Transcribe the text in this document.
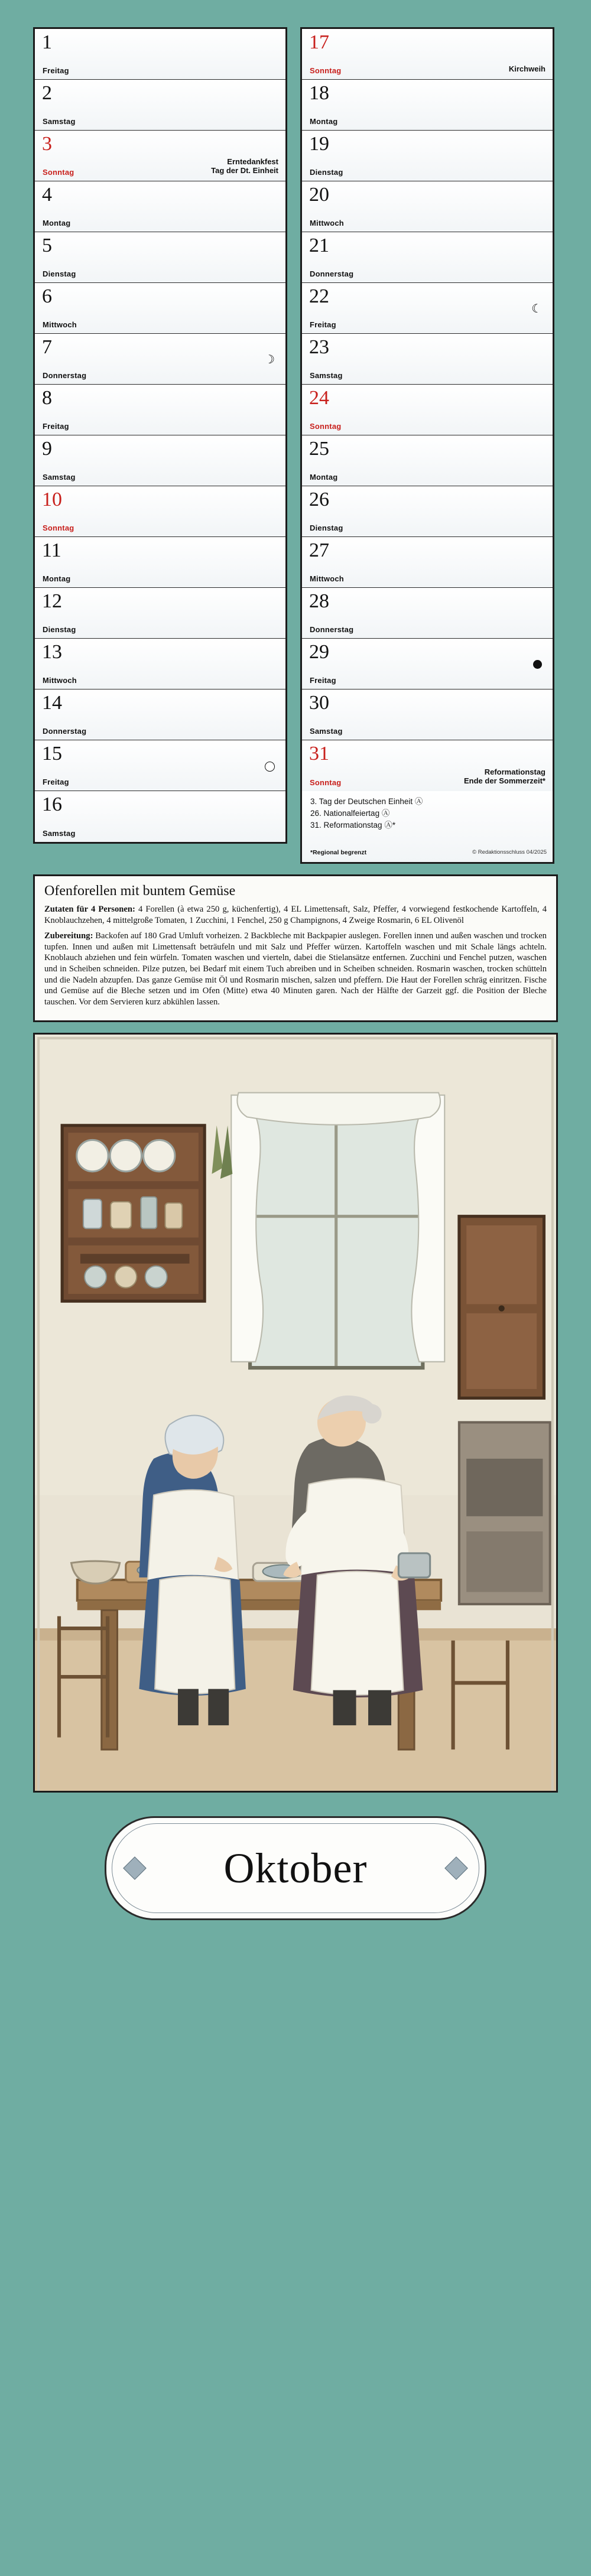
1
Freitag
2
Samstag
3
Sonntag
Erntedankfest
Tag der Dt. Einheit
4
Montag
5
Dienstag
6
Mittwoch
7
Donnerstag
☽
8
Freitag
9
Samstag
10
Sonntag
11
Montag
12
Dienstag
13
Mittwoch
14
Donnerstag
15
Freitag
16
Samstag
17
Sonntag	Kirchweih
18
Montag
19
Dienstag
20
Mittwoch
21
Donnerstag
22
Freitag
☾
23
Samstag
24
Sonntag
25
Montag
26
Dienstag
27
Mittwoch
28
Donnerstag
29
Freitag
30
Samstag
31
Sonntag
Reformationstag
Ende der Sommerzeit*
3. Tag der Deutschen Einheit Ⓐ
26. Nationalfeiertag Ⓐ
31. Reformationstag Ⓐ*
*Regional begrenzt	© Redaktionsschluss 04/2025
Ofenforellen mit buntem Gemüse

Zutaten für 4 Personen: 4 Forellen (à etwa 250 g, küchenfertig), 4 EL Limettensaft, Salz, Pfeffer, 4 vorwiegend festkochende Kartoffeln, 4 Knoblauchzehen, 4 mittelgroße Tomaten, 1 Zucchini, 1 Fenchel, 250 g Champignons, 4 Zweige Rosmarin, 6 EL Olivenöl

Zubereitung: Backofen auf 180 Grad Umluft vorheizen. 2 Backbleche mit Backpapier auslegen. Forellen innen und außen waschen und trocken tupfen. Innen und außen mit Limettensaft beträufeln und mit Salz und Pfeffer würzen. Kartoffeln waschen und mit Schale längs achteln. Knoblauch abziehen und fein würfeln. Tomaten waschen und vierteln, dabei die Stielansätze entfernen. Zucchini und Fenchel putzen, waschen und in Scheiben schneiden. Pilze putzen, bei Bedarf mit einem Tuch abreiben und in Scheiben schneiden. Rosmarin waschen, trocken schütteln und die Nadeln abzupfen. Das ganze Gemüse mit Öl und Rosmarin mischen, salzen und pfeffern. Die Haut der Forellen schräg einritzen. Fische und Gemüse auf die Bleche setzen und im Ofen (Mitte) etwa 40 Minuten garen. Nach der Hälfte der Garzeit ggf. die Position der Bleche tauschen. Vor dem Servieren kurz abkühlen lassen.

Oktober
